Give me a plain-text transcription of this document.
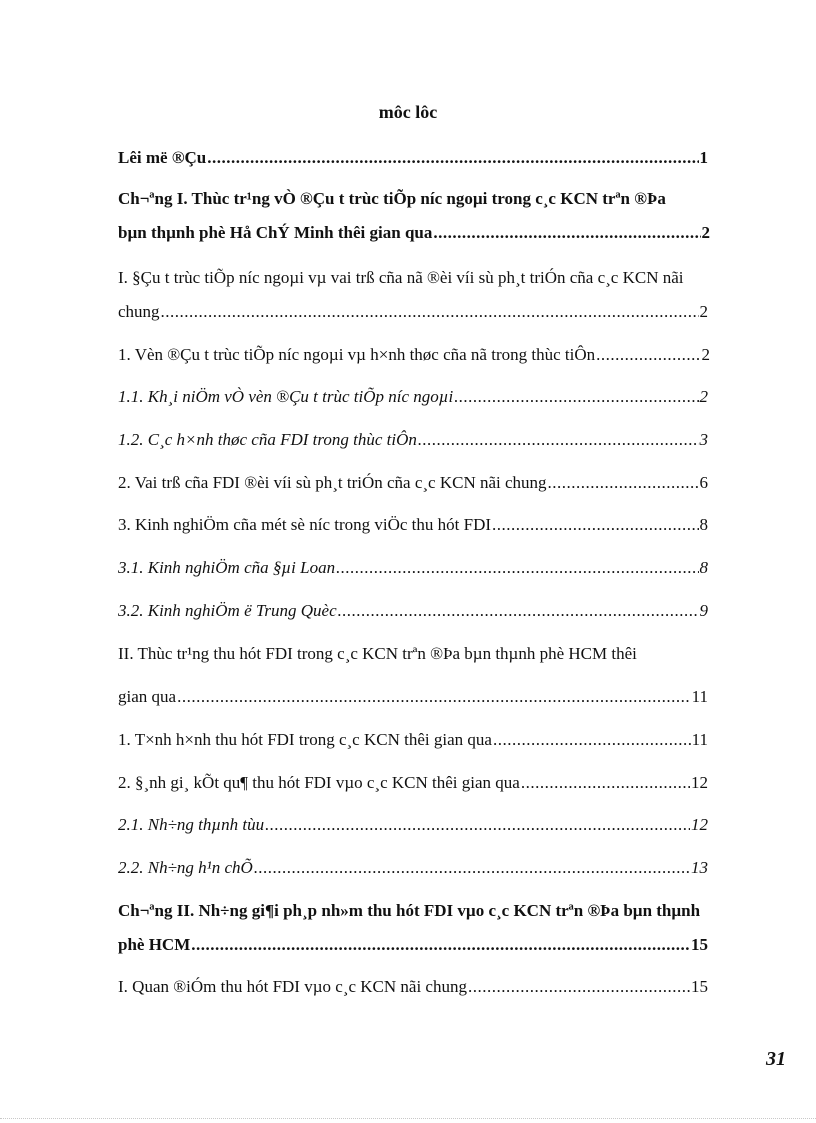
môc lôc
Lêi më ®Çu .....	1
Ch¬ªng I. Thùc tr¹ng vÒ ®Çu t trùc tiÕp níc ngoµi trong c¸c KCN trªn ®Þa
bµn thµnh phè Hå ChÝ Minh thêi gian qua .....	2
I. §Çu t trùc tiÕp níc ngoµi vµ vai trß cña nã ®èi víi sù ph¸t triÓn cña c¸c KCN nãi
chung .....	2
1. Vèn ®Çu t trùc tiÕp níc ngoµi vµ h×nh thøc cña nã trong thùc tiÔn .....	2
1.1. Kh¸i niÖm vÒ vèn ®Çu t trùc tiÕp níc ngoµi .....	2
1.2. C¸c h×nh thøc cña FDI trong thùc tiÔn .....	3
2. Vai trß cña FDI ®èi víi sù ph¸t triÓn cña c¸c KCN nãi chung .....	6
3. Kinh nghiÖm cña mét sè níc trong viÖc thu hót FDI .....	8
3.1. Kinh nghiÖm cña §µi Loan .....	8
3.2. Kinh nghiÖm ë Trung Quèc .....	9
II. Thùc tr¹ng thu hót FDI trong c¸c KCN trªn ®Þa bµn thµnh phè HCM thêi
gian qua .....	11
1. T×nh h×nh thu hót FDI trong c¸c KCN thêi gian qua .....	11
2. §¸nh gi¸ kÕt qu¶ thu hót FDI vµo c¸c KCN thêi gian qua .....	12
2.1. Nh÷ng thµnh tùu .....	12
2.2. Nh÷ng h¹n chÕ .....	13
Ch¬ªng II. Nh÷ng gi¶i ph¸p nh»m thu hót FDI vµo c¸c KCN trªn ®Þa bµn thµnh
phè HCM .....	15
I. Quan ®iÓm thu hót FDI vµo c¸c KCN nãi chung .....	15
31
